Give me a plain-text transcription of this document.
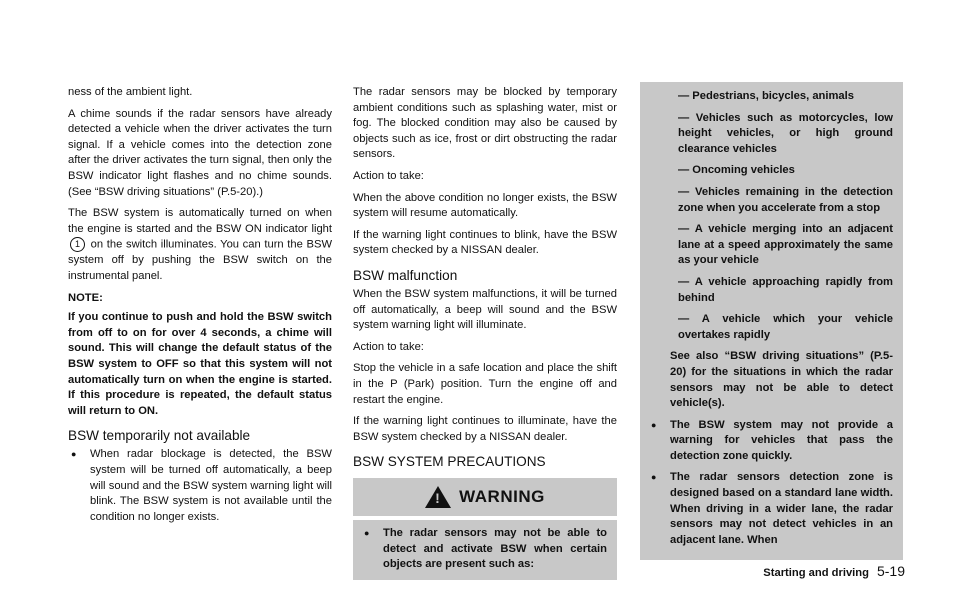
ness of the ambient light.

A chime sounds if the radar sensors have already detected a vehicle when the driver activates the turn signal. If a vehicle comes into the detection zone after the driver activates the turn signal, then only the BSW indicator light flashes and no chime sounds. (See “BSW driving situations” (P.5-20).)

The BSW system is automatically turned on when the engine is started and the BSW ON indicator light 1 on the switch illuminates. You can turn the BSW system off by pushing the BSW switch on the instrumental panel.

NOTE:

If you continue to push and hold the BSW switch from off to on for over 4 seconds, a chime will sound. This will change the default status of the BSW system to OFF so that this system will not automatically turn on when the engine is started. If this procedure is repeated, the default status will return to ON.

BSW temporarily not available
● When radar blockage is detected, the BSW system will be turned off automatically, a beep will sound and the BSW system warning light will blink. The BSW system is not available until the condition no longer exists.

The radar sensors may be blocked by temporary ambient conditions such as splashing water, mist or fog. The blocked condition may also be caused by objects such as ice, frost or dirt obstructing the radar sensors.

Action to take:

When the above condition no longer exists, the BSW system will resume automatically.

If the warning light continues to blink, have the BSW system checked by a NISSAN dealer.

BSW malfunction

When the BSW system malfunctions, it will be turned off automatically, a beep will sound and the BSW system warning light will illuminate.

Action to take:

Stop the vehicle in a safe location and place the shift in the P (Park) position. Turn the engine off and restart the engine.

If the warning light continues to illuminate, have the BSW system checked by a NISSAN dealer.

BSW SYSTEM PRECAUTIONS
! WARNING
● The radar sensors may not be able to detect and activate BSW when certain objects are present such as:
— Pedestrians, bicycles, animals
— Vehicles such as motorcycles, low height vehicles, or high ground clearance vehicles
— Oncoming vehicles
— Vehicles remaining in the detection zone when you accelerate from a stop
— A vehicle merging into an adjacent lane at a speed approximately the same as your vehicle
— A vehicle approaching rapidly from behind
— A vehicle which your vehicle overtakes rapidly
See also “BSW driving situations” (P.5-20) for the situations in which the radar sensors may not be able to detect vehicle(s).
● The BSW system may not provide a warning for vehicles that pass the detection zone quickly.
● The radar sensors detection zone is designed based on a standard lane width. When driving in a wider lane, the radar sensors may not detect vehicles in an adjacent lane. When
Starting and driving 5-19
